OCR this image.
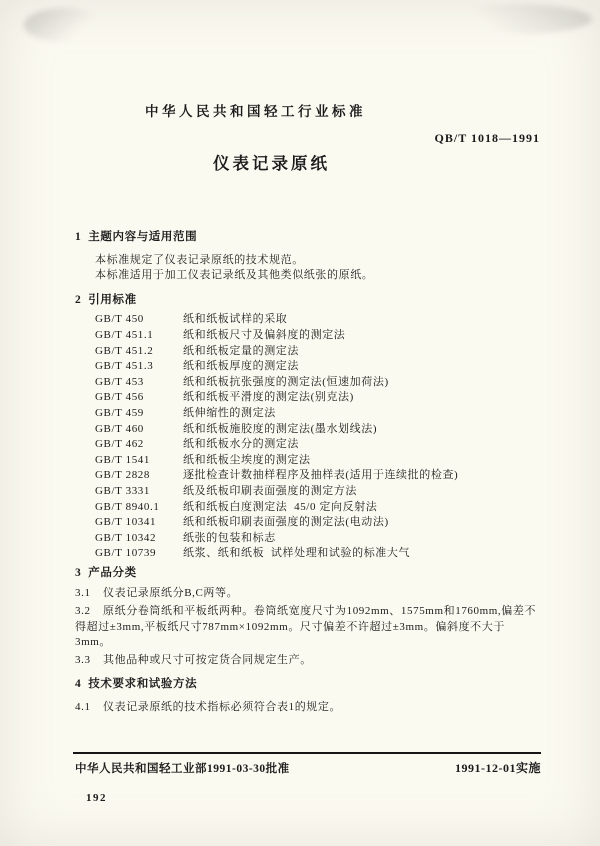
中华人民共和国轻工行业标准
QB/T 1018—1991
仪表记录原纸
1  主题内容与适用范围

本标准规定了仪表记录原纸的技术规范。

本标准适用于加工仪表记录纸及其他类似纸张的原纸。

2  引用标准
GB/T 450	纸和纸板试样的采取
GB/T 451.1	纸和纸板尺寸及偏斜度的测定法
GB/T 451.2	纸和纸板定量的测定法
GB/T 451.3	纸和纸板厚度的测定法
GB/T 453	纸和纸板抗张强度的测定法(恒速加荷法)
GB/T 456	纸和纸板平滑度的测定法(别克法)
GB/T 459	纸伸缩性的测定法
GB/T 460	纸和纸板施胶度的测定法(墨水划线法)
GB/T 462	纸和纸板水分的测定法
GB/T 1541	纸和纸板尘埃度的测定法
GB/T 2828	逐批检查计数抽样程序及抽样表(适用于连续批的检查)
GB/T 3331	纸及纸板印刷表面强度的测定方法
GB/T 8940.1 纸和纸板白度测定法  45/0 定向反射法
GB/T 10341 纸和纸板印刷表面强度的测定法(电动法)
GB/T 10342 纸张的包装和标志
GB/T 10739 纸浆、纸和纸板  试样处理和试验的标准大气
3  产品分类

3.1 仪表记录原纸分B,C两等。

3.2 原纸分卷筒纸和平板纸两种。卷筒纸宽度尺寸为1092mm、1575mm和1760mm,偏差不得超过±3mm,平板纸尺寸787mm×1092mm。尺寸偏差不许超过±3mm。偏斜度不大于3mm。

3.3 其他品种或尺寸可按定货合同规定生产。

4  技术要求和试验方法

4.1 仪表记录原纸的技术指标必须符合表1的规定。

中华人民共和国轻工业部1991-03-30批准	1991-12-01实施
192
